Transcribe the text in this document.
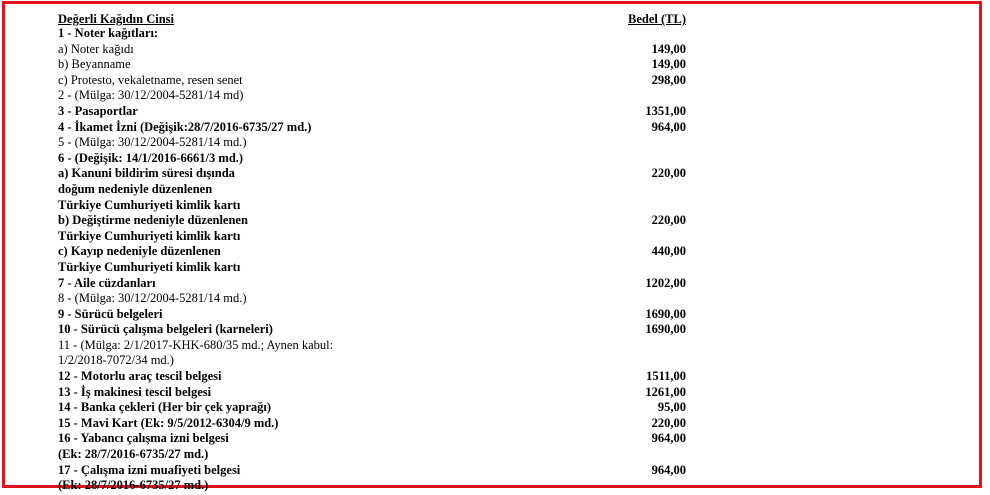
Değerli Kağıdın Cinsi	Bedel (TL)
1 - Noter kağıtları:
a) Noter kağıdı	149,00
b) Beyanname	149,00
c) Protesto, vekaletname, resen senet	298,00
2 - (Mülga: 30/12/2004-5281/14 md)
3 - Pasaportlar	1351,00
4 - İkamet İzni (Değişik:28/7/2016-6735/27 md.)	964,00
5 - (Mülga: 30/12/2004-5281/14 md.)
6 - (Değişik: 14/1/2016-6661/3 md.)
a) Kanuni bildirim süresi dışında	220,00
doğum nedeniyle düzenlenen
Türkiye Cumhuriyeti kimlik kartı
b) Değiştirme nedeniyle düzenlenen	220,00
Türkiye Cumhuriyeti kimlik kartı
c) Kayıp nedeniyle düzenlenen	440,00
Türkiye Cumhuriyeti kimlik kartı
7 - Aile cüzdanları	1202,00
8 - (Mülga: 30/12/2004-5281/14 md.)
9 - Sürücü belgeleri	1690,00
10 - Sürücü çalışma belgeleri (karneleri)	1690,00
11 - (Mülga: 2/1/2017-KHK-680/35 md.; Aynen kabul:
1/2/2018-7072/34 md.)
12 - Motorlu araç tescil belgesi	1511,00
13 - İş makinesi tescil belgesi	1261,00
14 - Banka çekleri (Her bir çek yaprağı)	95,00
15 - Mavi Kart (Ek: 9/5/2012-6304/9 md.)	220,00
16 - Yabancı çalışma izni belgesi	964,00
(Ek: 28/7/2016-6735/27 md.)
17 - Çalışma izni muafiyeti belgesi	964,00
(Ek: 28/7/2016-6735/27 md.)
